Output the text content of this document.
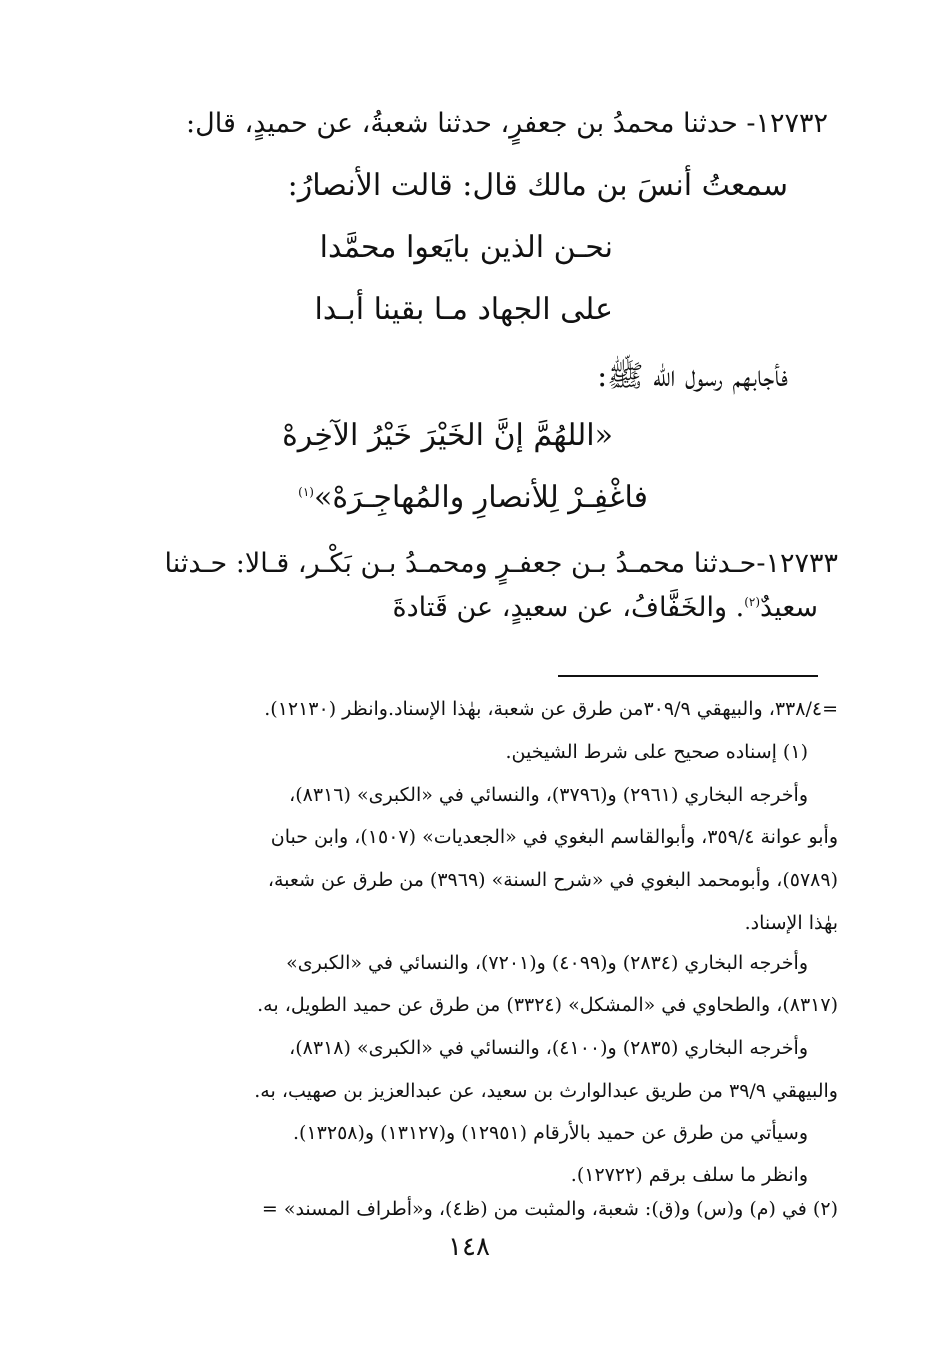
١٢٧٣٢- حدثنا محمدُ بن جعفرٍ، حدثنا شعبةُ، عن حميدٍ، قال:
سمعتُ أنسَ بن مالك قال: قالت الأنصارُ:
نحـن الذين بايَعوا محمَّدا
على الجهاد مـا بقينا أبـدا
فأجابهم رسول الله ﷺ:
«اللهُمَّ إنَّ الخَيْرَ خَيْرُ الآخِرهْ
فاغْفِـرْ لِلأنصارِ والمُهاجِـرَهْ»$^{(١)}$
١٢٧٣٣-حـدثنا محمـدُ بـن جعفـرٍ ومحمـدُ بـن بَكْـر، قـالا: حـدثنا
سعيدٌ$^{(٢)}$. والخَفَّافُ، عن سعيدٍ، عن قَتادةَ
=٣٣٨/٤، والبيهقي ٣٠٩/٩من طرق عن شعبة، بهٰذا الإسناد.وانظر (١٢١٣٠).
(١) إسناده صحيح على شرط الشيخين.
وأخرجه البخاري (٢٩٦١) و(٣٧٩٦)، والنسائي في «الكبرى» (٨٣١٦)،
وأبو عوانة ٣٥٩/٤، وأبوالقاسم البغوي في «الجعديات» (١٥٠٧)، وابن حبان
(٥٧٨٩)، وأبومحمد البغوي في «شرح السنة» (٣٩٦٩) من طرق عن شعبة،
بهٰذا الإسناد.
وأخرجه البخاري (٢٨٣٤) و(٤٠٩٩) و(٧٢٠١)، والنسائي في «الكبرى»
(٨٣١٧)، والطحاوي في «المشكل» (٣٣٢٤) من طرق عن حميد الطويل، به.
وأخرجه البخاري (٢٨٣٥) و(٤١٠٠)، والنسائي في «الكبرى» (٨٣١٨)،
والبيهقي ٣٩/٩ من طريق عبدالوارث بن سعيد، عن عبدالعزيز بن صهيب، به.
وسيأتي من طرق عن حميد بالأرقام (١٢٩٥١) و(١٣١٢٧) و(١٣٢٥٨).
وانظر ما سلف برقم (١٢٧٢٢).
(٢) في (م) و(س) و(ق): شعبة، والمثبت من (ظ٤)، و«أطراف المسند» =
١٤٨
